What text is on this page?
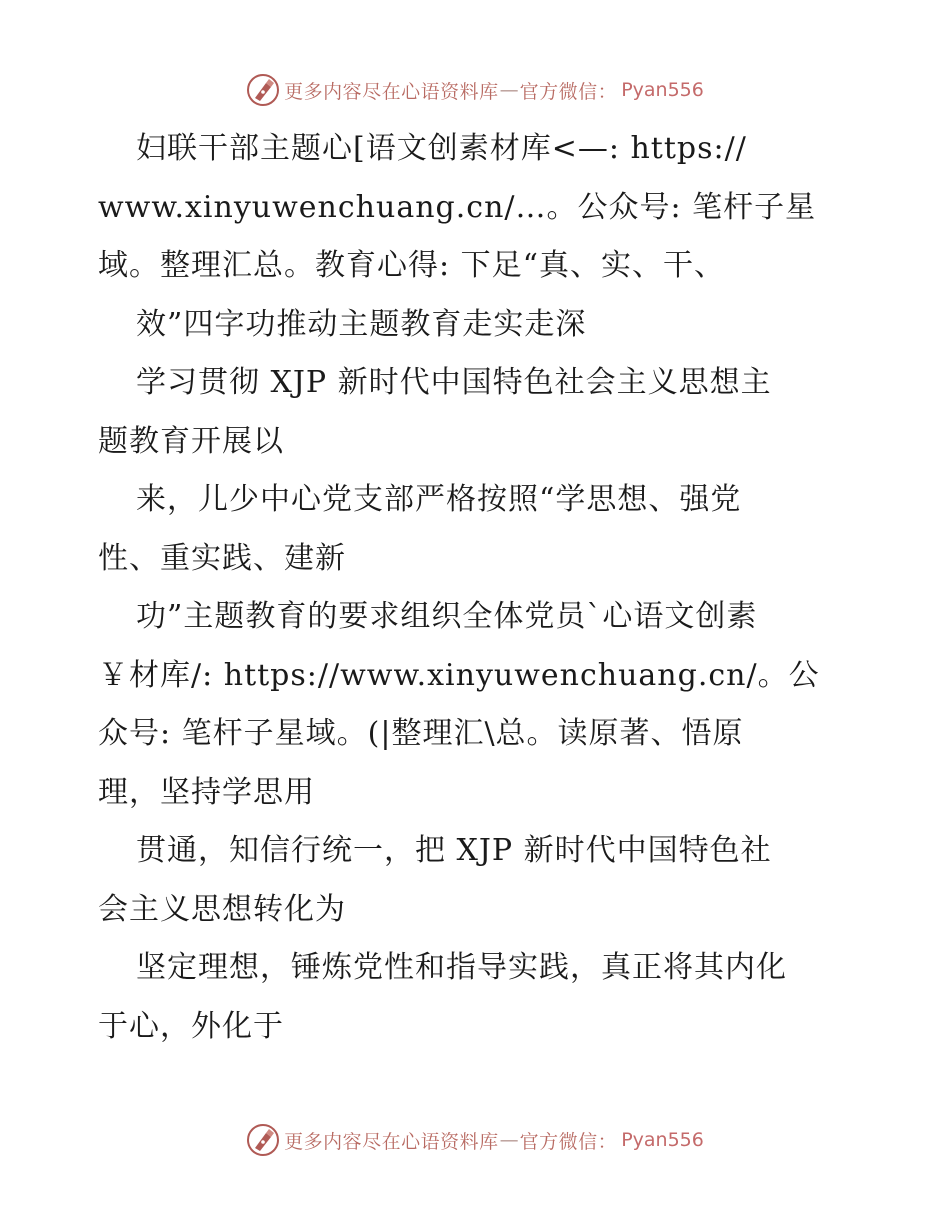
更多内容尽在心语资料库 — 官方微信： Pyan556
妇联干部主题心[语文创素材库<—: https://
www.xinyuwenchuang.cn/…。公众号: 笔杆子星
域。整理汇总。教育心得: 下足“真、实、干、
效”四字功推动主题教育走实走深
学习贯彻 XJP 新时代中国特色社会主义思想主
题教育开展以
来，儿少中心党支部严格按照“学思想、强党
性、重实践、建新
功”主题教育的要求组织全体党员`心语文创素
￥材库/: https://www.xinyuwenchuang.cn/。公
众号: 笔杆子星域。(|整理汇\总。读原著、悟原
理，坚持学思用
贯通，知信行统一，把 XJP 新时代中国特色社
会主义思想转化为
坚定理想，锤炼党性和指导实践，真正将其内化
于心，外化于
更多内容尽在心语资料库 — 官方微信： Pyan556
